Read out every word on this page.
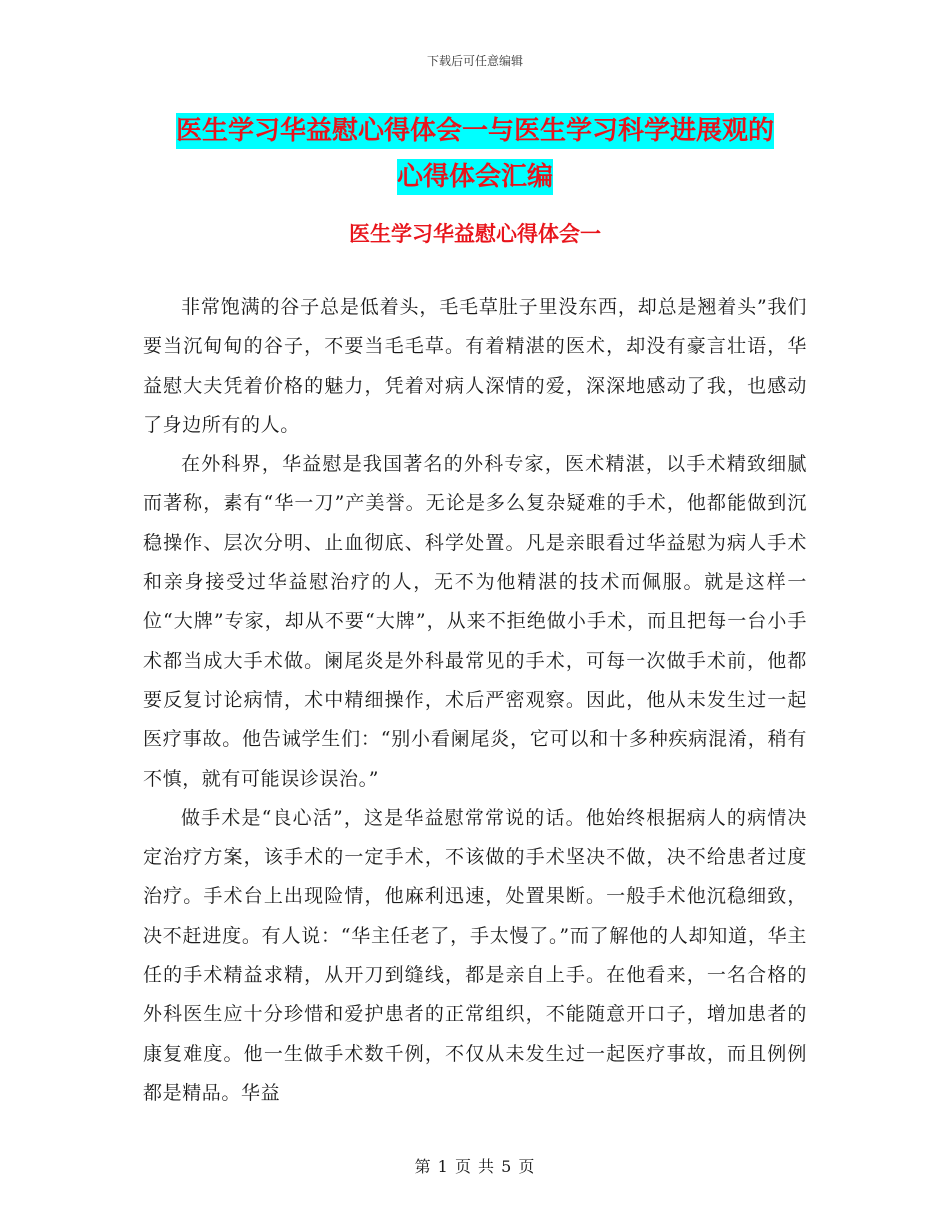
下载后可任意编辑
医生学习华益慰心得体会一与医生学习科学进展观的
心得体会汇编
医生学习华益慰心得体会一

非常饱满的谷子总是低着头，毛毛草肚子里没东西，却总是翘着头”我们要当沉甸甸的谷子，不要当毛毛草。有着精湛的医术，却没有豪言壮语，华益慰大夫凭着价格的魅力，凭着对病人深情的爱，深深地感动了我，也感动了身边所有的人。

在外科界，华益慰是我国著名的外科专家，医术精湛，以手术精致细腻而著称，素有“华一刀”产美誉。无论是多么复杂疑难的手术，他都能做到沉稳操作、层次分明、止血彻底、科学处置。凡是亲眼看过华益慰为病人手术和亲身接受过华益慰治疗的人，无不为他精湛的技术而佩服。就是这样一位“大牌”专家，却从不要“大牌”，从来不拒绝做小手术，而且把每一台小手术都当成大手术做。阑尾炎是外科最常见的手术，可每一次做手术前，他都要反复讨论病情，术中精细操作，术后严密观察。因此，他从未发生过一起医疗事故。他告诫学生们：“别小看阑尾炎，它可以和十多种疾病混淆，稍有不慎，就有可能误诊误治。”

做手术是“良心活”，这是华益慰常常说的话。他始终根据病人的病情决定治疗方案，该手术的一定手术，不该做的手术坚决不做，决不给患者过度治疗。手术台上出现险情，他麻利迅速，处置果断。一般手术他沉稳细致，决不赶进度。有人说：“华主任老了，手太慢了。”而了解他的人却知道，华主任的手术精益求精，从开刀到缝线，都是亲自上手。在他看来，一名合格的外科医生应十分珍惜和爱护患者的正常组织，不能随意开口子，增加患者的康复难度。他一生做手术数千例，不仅从未发生过一起医疗事故，而且例例都是精品。华益

第 1 页 共 5 页
